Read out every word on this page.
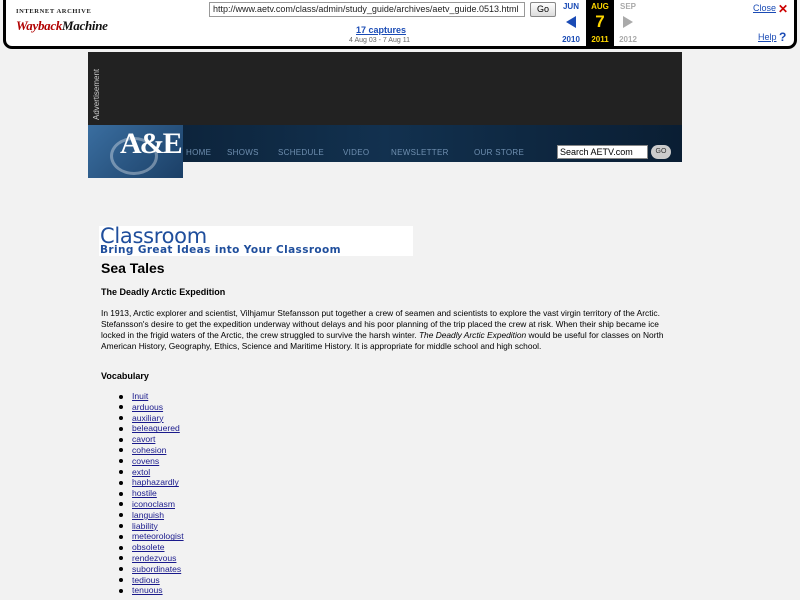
INTERNET ARCHIVE
WaybackMachine
http://www.aetv.com/class/admin/study_guide/archives/aetv_guide.0513.html	Go
17 captures
4 Aug 03 - 7 Aug 11
JUN
2010
AUG
7
2011
SEP
2012
Close ✕
Help ?
Advertisement
A&E HOME SHOWS SCHEDULE VIDEO	NEWSLETTER	OUR STORE	Search AETV.com	GO
Classroom
Bring Great Ideas into Your Classroom
Sea Tales
The Deadly Arctic Expedition
In 1913, Arctic explorer and scientist, Vilhjamur Stefansson put together a crew of seamen and scientists to explore the vast virgin territory of the Arctic. Stefansson's desire to get the expedition underway without delays and his poor planning of the trip placed the crew at risk. When their ship became ice locked in the frigid waters of the Arctic, the crew struggled to survive the harsh winter. The Deadly Arctic Expedition would be useful for classes on North American History, Geography, Ethics, Science and Maritime History. It is appropriate for middle school and high school.
Vocabulary
Inuit
arduous
auxiliary
beleaquered
cavort
cohesion
covens
extol
haphazardly
hostile
iconoclasm
languish
liability
meteorologist
obsolete
rendezvous
subordinates
tedious
tenuous
